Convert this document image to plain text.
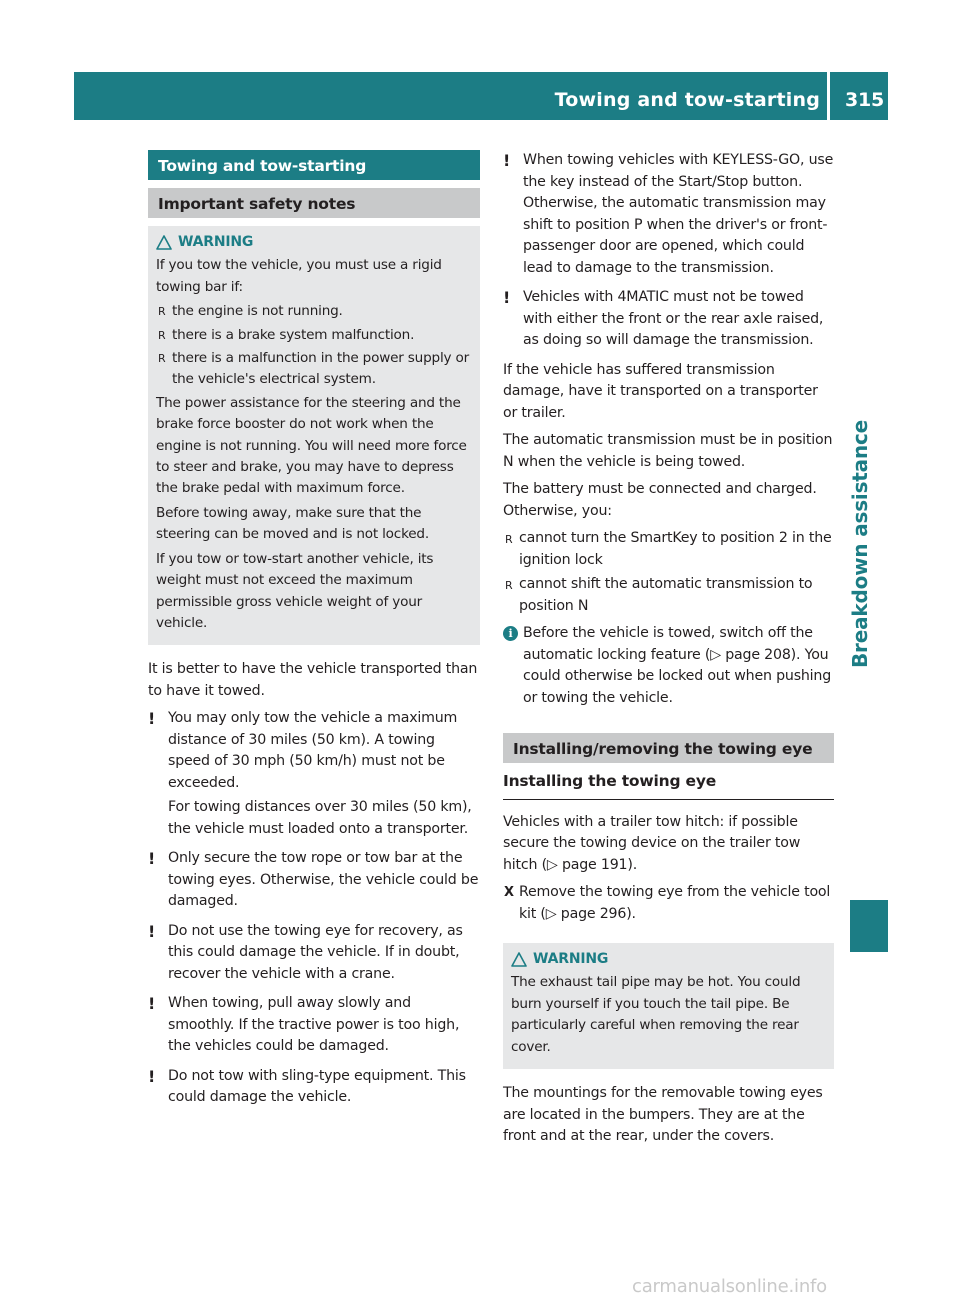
Towing and tow-starting 315
Breakdown assistance
Towing and tow-starting
Important safety notes
WARNING

If you tow the vehicle, you must use a rigid towing bar if:

R the engine is not running.
R there is a brake system malfunction.
R there is a malfunction in the power supply or the vehicle's electrical system.

The power assistance for the steering and the brake force booster do not work when the engine is not running. You will need more force to steer and brake, you may have to depress the brake pedal with maximum force.

Before towing away, make sure that the steering can be moved and is not locked.

If you tow or tow-start another vehicle, its weight must not exceed the maximum permissible gross vehicle weight of your vehicle.

It is better to have the vehicle transported than to have it towed.

! You may only tow the vehicle a maximum distance of 30 miles (50 km). A towing speed of 30 mph (50 km/h) must not be exceeded.

For towing distances over 30 miles (50 km), the vehicle must loaded onto a transporter.

! Only secure the tow rope or tow bar at the towing eyes. Otherwise, the vehicle could be damaged.

! Do not use the towing eye for recovery, as this could damage the vehicle. If in doubt, recover the vehicle with a crane.

! When towing, pull away slowly and smoothly. If the tractive power is too high, the vehicles could be damaged.

! Do not tow with sling-type equipment. This could damage the vehicle.

! When towing vehicles with KEYLESS-GO, use the key instead of the Start/Stop button. Otherwise, the automatic transmission may shift to position P when the driver's or front-passenger door are opened, which could lead to damage to the transmission.

! Vehicles with 4MATIC must not be towed with either the front or the rear axle raised, as doing so will damage the transmission.

If the vehicle has suffered transmission damage, have it transported on a transporter or trailer.

The automatic transmission must be in position N when the vehicle is being towed.

The battery must be connected and charged. Otherwise, you:

R cannot turn the SmartKey to position 2 in the ignition lock
R cannot shift the automatic transmission to position N
i Before the vehicle is towed, switch off the automatic locking feature (▷ page 208). You could otherwise be locked out when pushing or towing the vehicle.

Installing/removing the towing eye
Installing the towing eye

Vehicles with a trailer tow hitch: if possible secure the towing device on the trailer tow hitch (▷ page 191).

X Remove the towing eye from the vehicle tool kit (▷ page 296).
WARNING

The exhaust tail pipe may be hot. You could burn yourself if you touch the tail pipe. Be particularly careful when removing the rear cover.

The mountings for the removable towing eyes are located in the bumpers. They are at the front and at the rear, under the covers.

carmanualsonline.info
